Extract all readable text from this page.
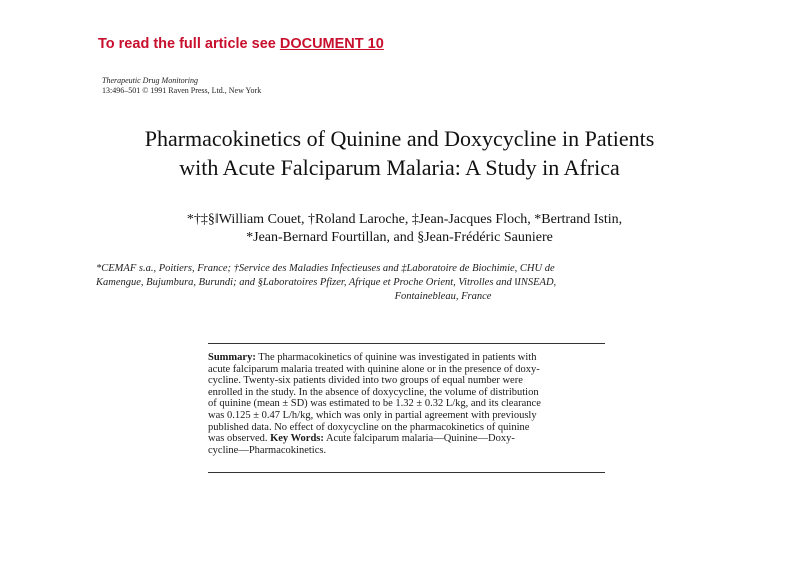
To read the full article see DOCUMENT 10
Therapeutic Drug Monitoring
13:496–501 © 1991 Raven Press, Ltd., New York
Pharmacokinetics of Quinine and Doxycycline in Patients
with Acute Falciparum Malaria: A Study in Africa
*†‡§‖William Couet, †Roland Laroche, ‡Jean-Jacques Floch, *Bertrand Istin,
*Jean-Bernard Fourtillan, and §Jean-Frédéric Sauniere
*CEMAF s.a., Poitiers, France; †Service des Maladies Infectieuses and ‡Laboratoire de Biochimie, CHU de
Kamengue, Bujumbura, Burundi; and §Laboratoires Pfizer, Afrique et Proche Orient, Vitrolles and ‖INSEAD,
Fontainebleau, France
Summary: The pharmacokinetics of quinine was investigated in patients with
acute falciparum malaria treated with quinine alone or in the presence of doxy-
cycline. Twenty-six patients divided into two groups of equal number were
enrolled in the study. In the absence of doxycycline, the volume of distribution
of quinine (mean ± SD) was estimated to be 1.32 ± 0.32 L/kg, and its clearance
was 0.125 ± 0.47 L/h/kg, which was only in partial agreement with previously
published data. No effect of doxycycline on the pharmacokinetics of quinine
was observed. Key Words: Acute falciparum malaria—Quinine—Doxy-
cycline—Pharmacokinetics.
